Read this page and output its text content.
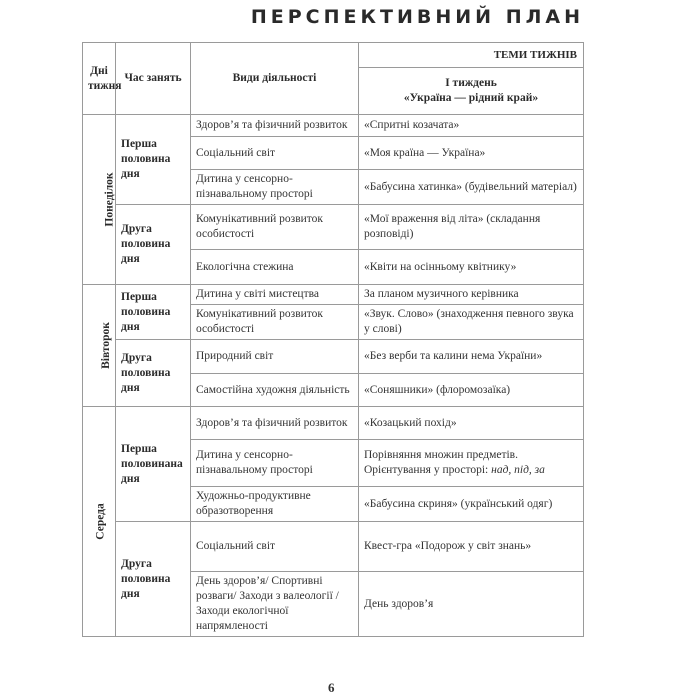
ПЕРСПЕКТИВНИЙ ПЛАН
Дні тижня	Час занять	Види діяльності	ТЕМИ ТИЖНІВ

			І тиждень
«Україна — рідний край»

Понеділок	Перша половина дня	Здоров’я та фізичний розвиток	«Спритні козачата»
		Соціальний світ	«Моя країна — Україна»
		Дитина у сенсорно-пізнавальному просторі	«Бабусина хатинка» (будівельний матеріал)
	Друга половина дня	Комунікативний розвиток особистості	«Мої враження від літа» (складання розповіді)
		Екологічна стежина	«Квіти на осінньому квітнику»
Вівторок	Перша половина дня	Дитина у світі мистецтва	За планом музичного керівника
		Комунікативний розвиток особистості	«Звук. Слово» (знаходження певного звука у слові)
	Друга половина дня	Природний світ	«Без верби та калини нема України»
		Самостійна художня діяльність	«Соняшники» (флоромозаїка)
Середа	Перша половинана дня	Здоров’я та фізичний розвиток	«Козацький похід»
		Дитина у сенсорно-пізнавальному просторі	Порівняння множин предметів. Орієнтування у просторі: над, під, за
		Художньо-продуктивне образотворення	«Бабусина скриня» (український одяг)
	Друга половина дня	Соціальний світ	Квест-гра «Подорож у світ знань»
		День здоров’я/ Спортивні розваги/ Заходи з валеології /Заходи екологічної напрямленості	День здоров’я
6
